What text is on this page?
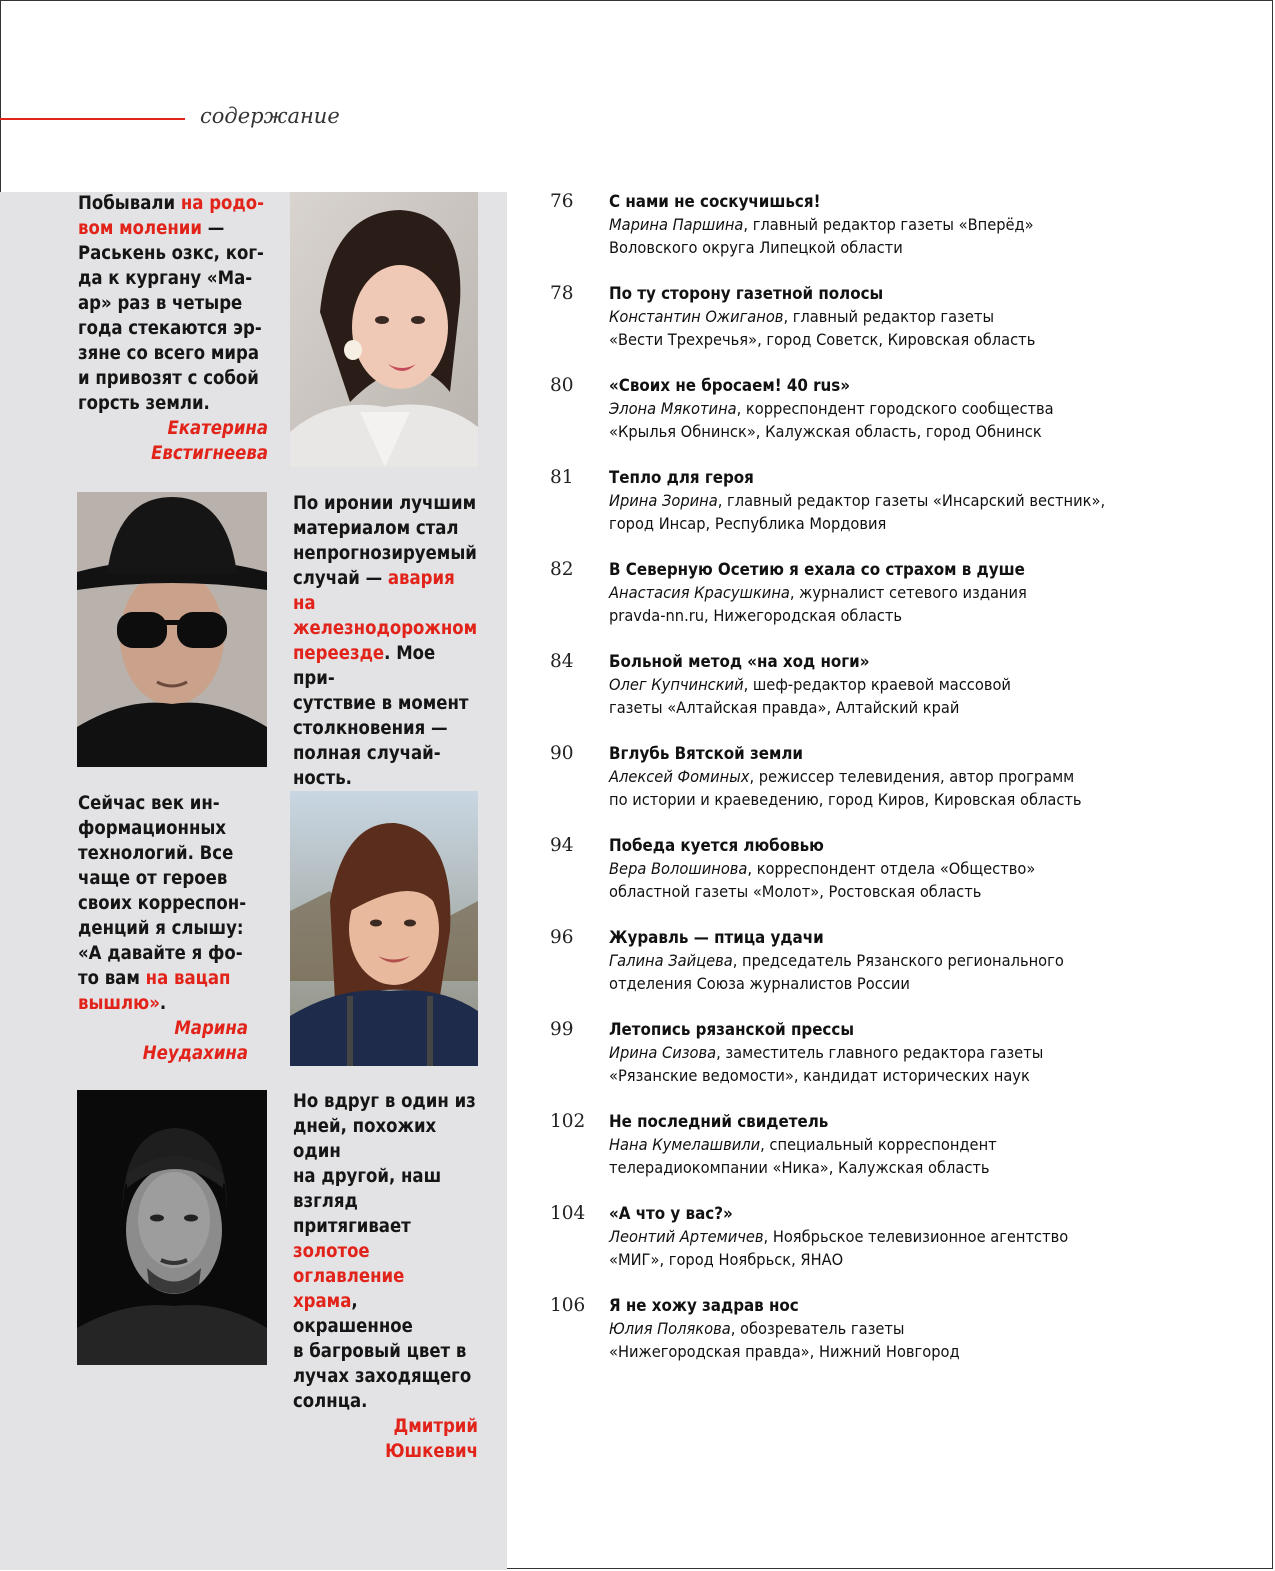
содержание

Побывали на родо-
вом молении —
Раськень озкс, ког-
да к кургану «Ма-
ар» раз в четыре
года стекаются эр-
зяне со всего мира
и привозят с собой
горсть земли.
Екатерина
Евстигнеева

По иронии лучшим
материалом стал
непрогнозируемый
случай — авария на
железнодорожном
переезде. Мое при-
сутствие в момент
столкновения —
полная случай-
ность.

Сейчас век ин-
формационных
технологий. Все
чаще от героев
своих корреспон-
денций я слышу:
«А давайте я фо-
то вам на вацап
вышлю».
Марина
Неудахина

Но вдруг в один из
дней, похожих один
на другой, наш
взгляд притягивает
золотое оглавление
храма, окрашенное
в багровый цвет в
лучах заходящего
солнца.
Дмитрий
Юшкевич

76	С нами не соскучишься!
Марина Паршина, главный редактор газеты «Вперёд»
Воловского округа Липецкой области
78	По ту сторону газетной полосы
Константин Ожиганов, главный редактор газеты
«Вести Трехречья», город Советск, Кировская область
80	«Своих не бросаем! 40 rus»
Элона Мякотина, корреспондент городского сообщества
«Крылья Обнинск», Калужская область, город Обнинск
81	Тепло для героя
Ирина Зорина, главный редактор газеты «Инсарский вестник»,
город Инсар, Республика Мордовия
82	В Северную Осетию я ехала со страхом в душе
Анастасия Красушкина, журналист сетевого издания
pravda-nn.ru, Нижегородская область
84	Больной метод «на ход ноги»
Олег Купчинский, шеф-редактор краевой массовой
газеты «Алтайская правда», Алтайский край
90	Вглубь Вятской земли
Алексей Фоминых, режиссер телевидения, автор программ
по истории и краеведению, город Киров, Кировская область
94	Победа куется любовью
Вера Волошинова, корреспондент отдела «Общество»
областной газеты «Молот», Ростовская область
96	Журавль — птица удачи
Галина Зайцева, председатель Рязанского регионального
отделения Союза журналистов России
99	Летопись рязанской прессы
Ирина Сизова, заместитель главного редактора газеты
«Рязанские ведомости», кандидат исторических наук
102	Не последний свидетель
Нана Кумелашвили, специальный корреспондент
телерадиокомпании «Ника», Калужская область
104	«А что у вас?»
Леонтий Артемичев, Ноябрьское телевизионное агентство
«МИГ», город Ноябрьск, ЯНАО
106	Я не хожу задрав нос
Юлия Полякова, обозреватель газеты
«Нижегородская правда», Нижний Новгород
